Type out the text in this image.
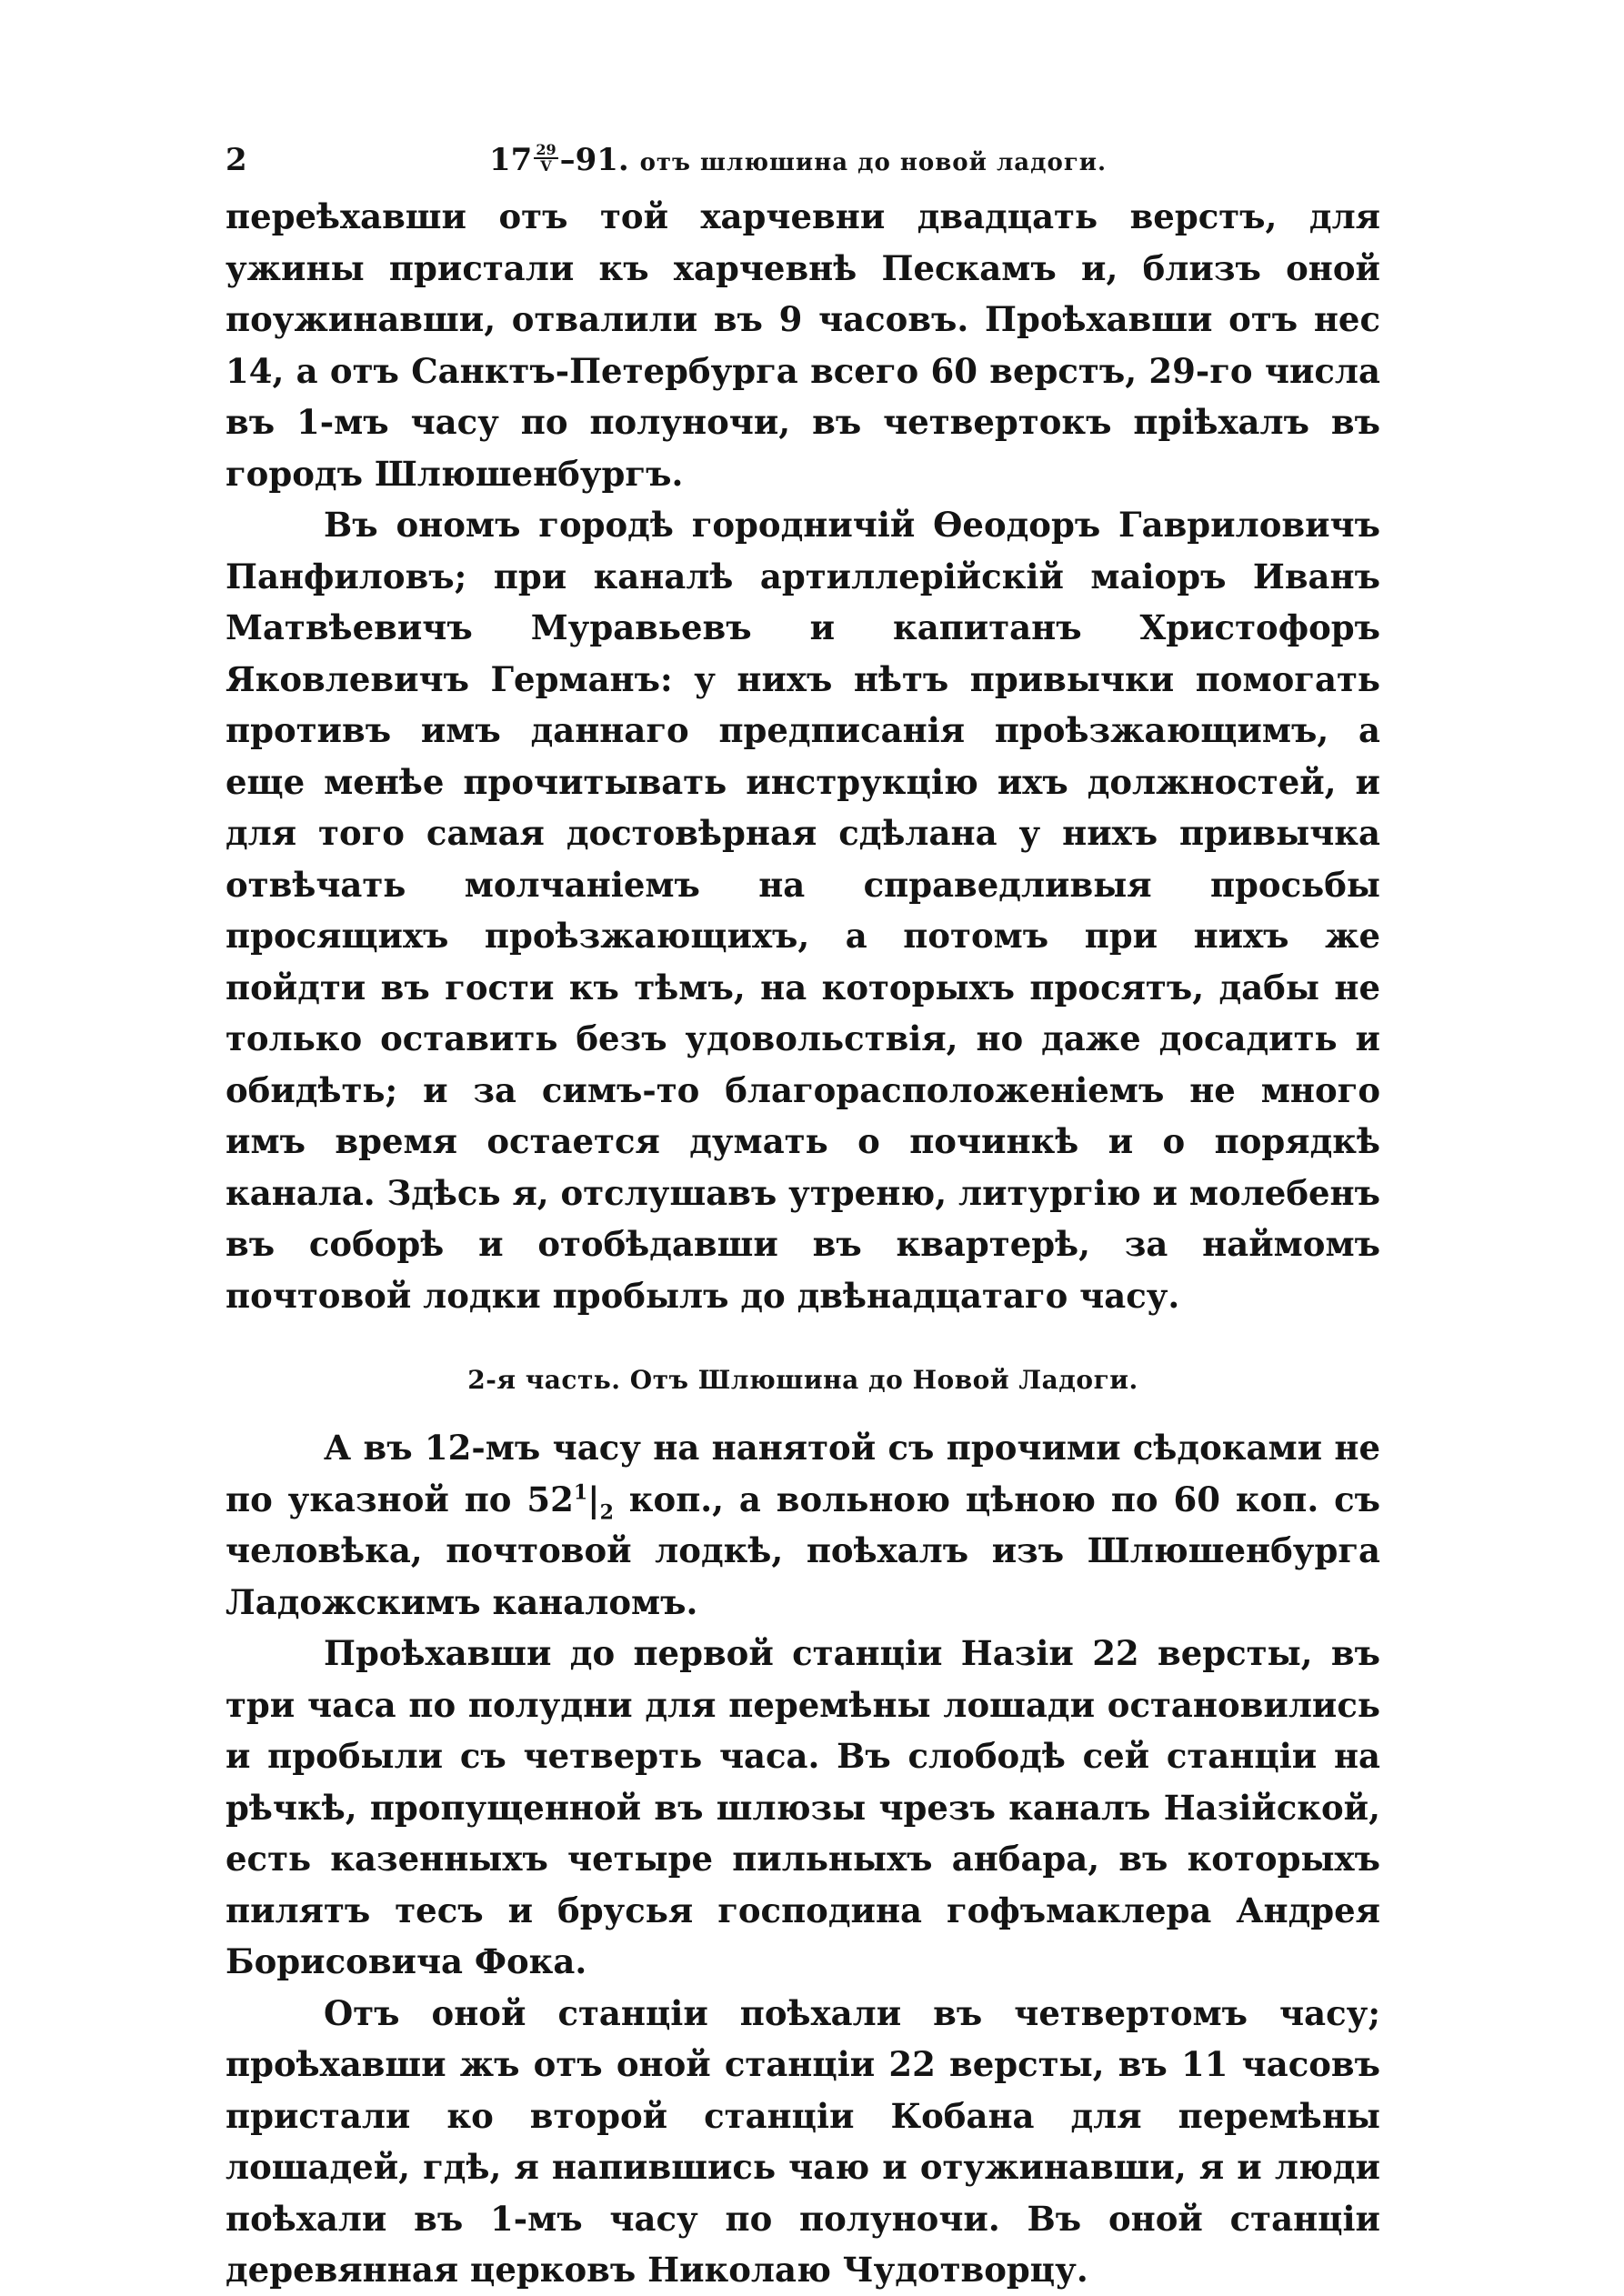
2	$17 \frac{29}{V} -91$. отъ шлюшина до новой ладоги.

переѣхавши отъ той харчевни двадцать верстъ, для ужины пристали къ харчевнѣ Пескамъ и, близъ оной поужинавши, отвалили въ 9 часовъ. Проѣхавши отъ нес 14, а отъ Санктъ-Петербурга всего 60 верстъ, 29-го числа въ 1-мъ часу по полуночи, въ четвертокъ пріѣхалъ въ городъ Шлюшенбургъ.

Въ ономъ городѣ городничій Ѳеодоръ Гавриловичъ Панфиловъ; при каналѣ артиллерійскій маіоръ Иванъ Матвѣевичъ Муравьевъ и капитанъ Христофоръ Яковлевичъ Германъ: у нихъ нѣтъ привычки помогать противъ имъ даннаго предписанія проѣзжающимъ, а еще менѣе прочитывать инструкцію ихъ должностей, и для того самая достовѣрная сдѣлана у нихъ привычка отвѣчать молчаніемъ на справедливыя просьбы просящихъ проѣзжающихъ, а потомъ при нихъ же пойдти въ гости къ тѣмъ, на которыхъ просятъ, дабы не только оставить безъ удовольствія, но даже досадить и обидѣть; и за симъ-то благорасположеніемъ не много имъ время остается думать о починкѣ и о порядкѣ канала. Здѣсь я, отслушавъ утреню, литургію и молебенъ въ соборѣ и отобѣдавши въ квартерѣ, за наймомъ почтовой лодки пробылъ до двѣнадцатаго часу.

2-я часть. Отъ Шлюшина до Новой Ладоги.

А въ 12-мъ часу на нанятой съ прочими сѣдоками не по указной по $52^1|_2$ коп., а вольною цѣною по 60 коп. съ человѣка, почтовой лодкѣ, поѣхалъ изъ Шлюшенбурга Ладожскимъ каналомъ.

Проѣхавши до первой станціи Назіи 22 версты, въ три часа по полудни для перемѣны лошади остановились и пробыли съ четверть часа. Въ слободѣ сей станціи на рѣчкѣ, пропущенной въ шлюзы чрезъ каналъ Назійской, есть казенныхъ четыре пильныхъ анбара, въ которыхъ пилятъ тесъ и брусья господина гофъмаклера Андрея Борисовича Фока.

Отъ оной станціи поѣхали въ четвертомъ часу; проѣхавши жъ отъ оной станціи 22 версты, въ 11 часовъ пристали ко второй станціи Кобана для перемѣны лошадей, гдѣ, я напившись чаю и отужинавши, я и люди поѣхали въ 1-мъ часу по полуночи. Въ оной станціи деревянная церковъ Николаю Чудотворцу.
